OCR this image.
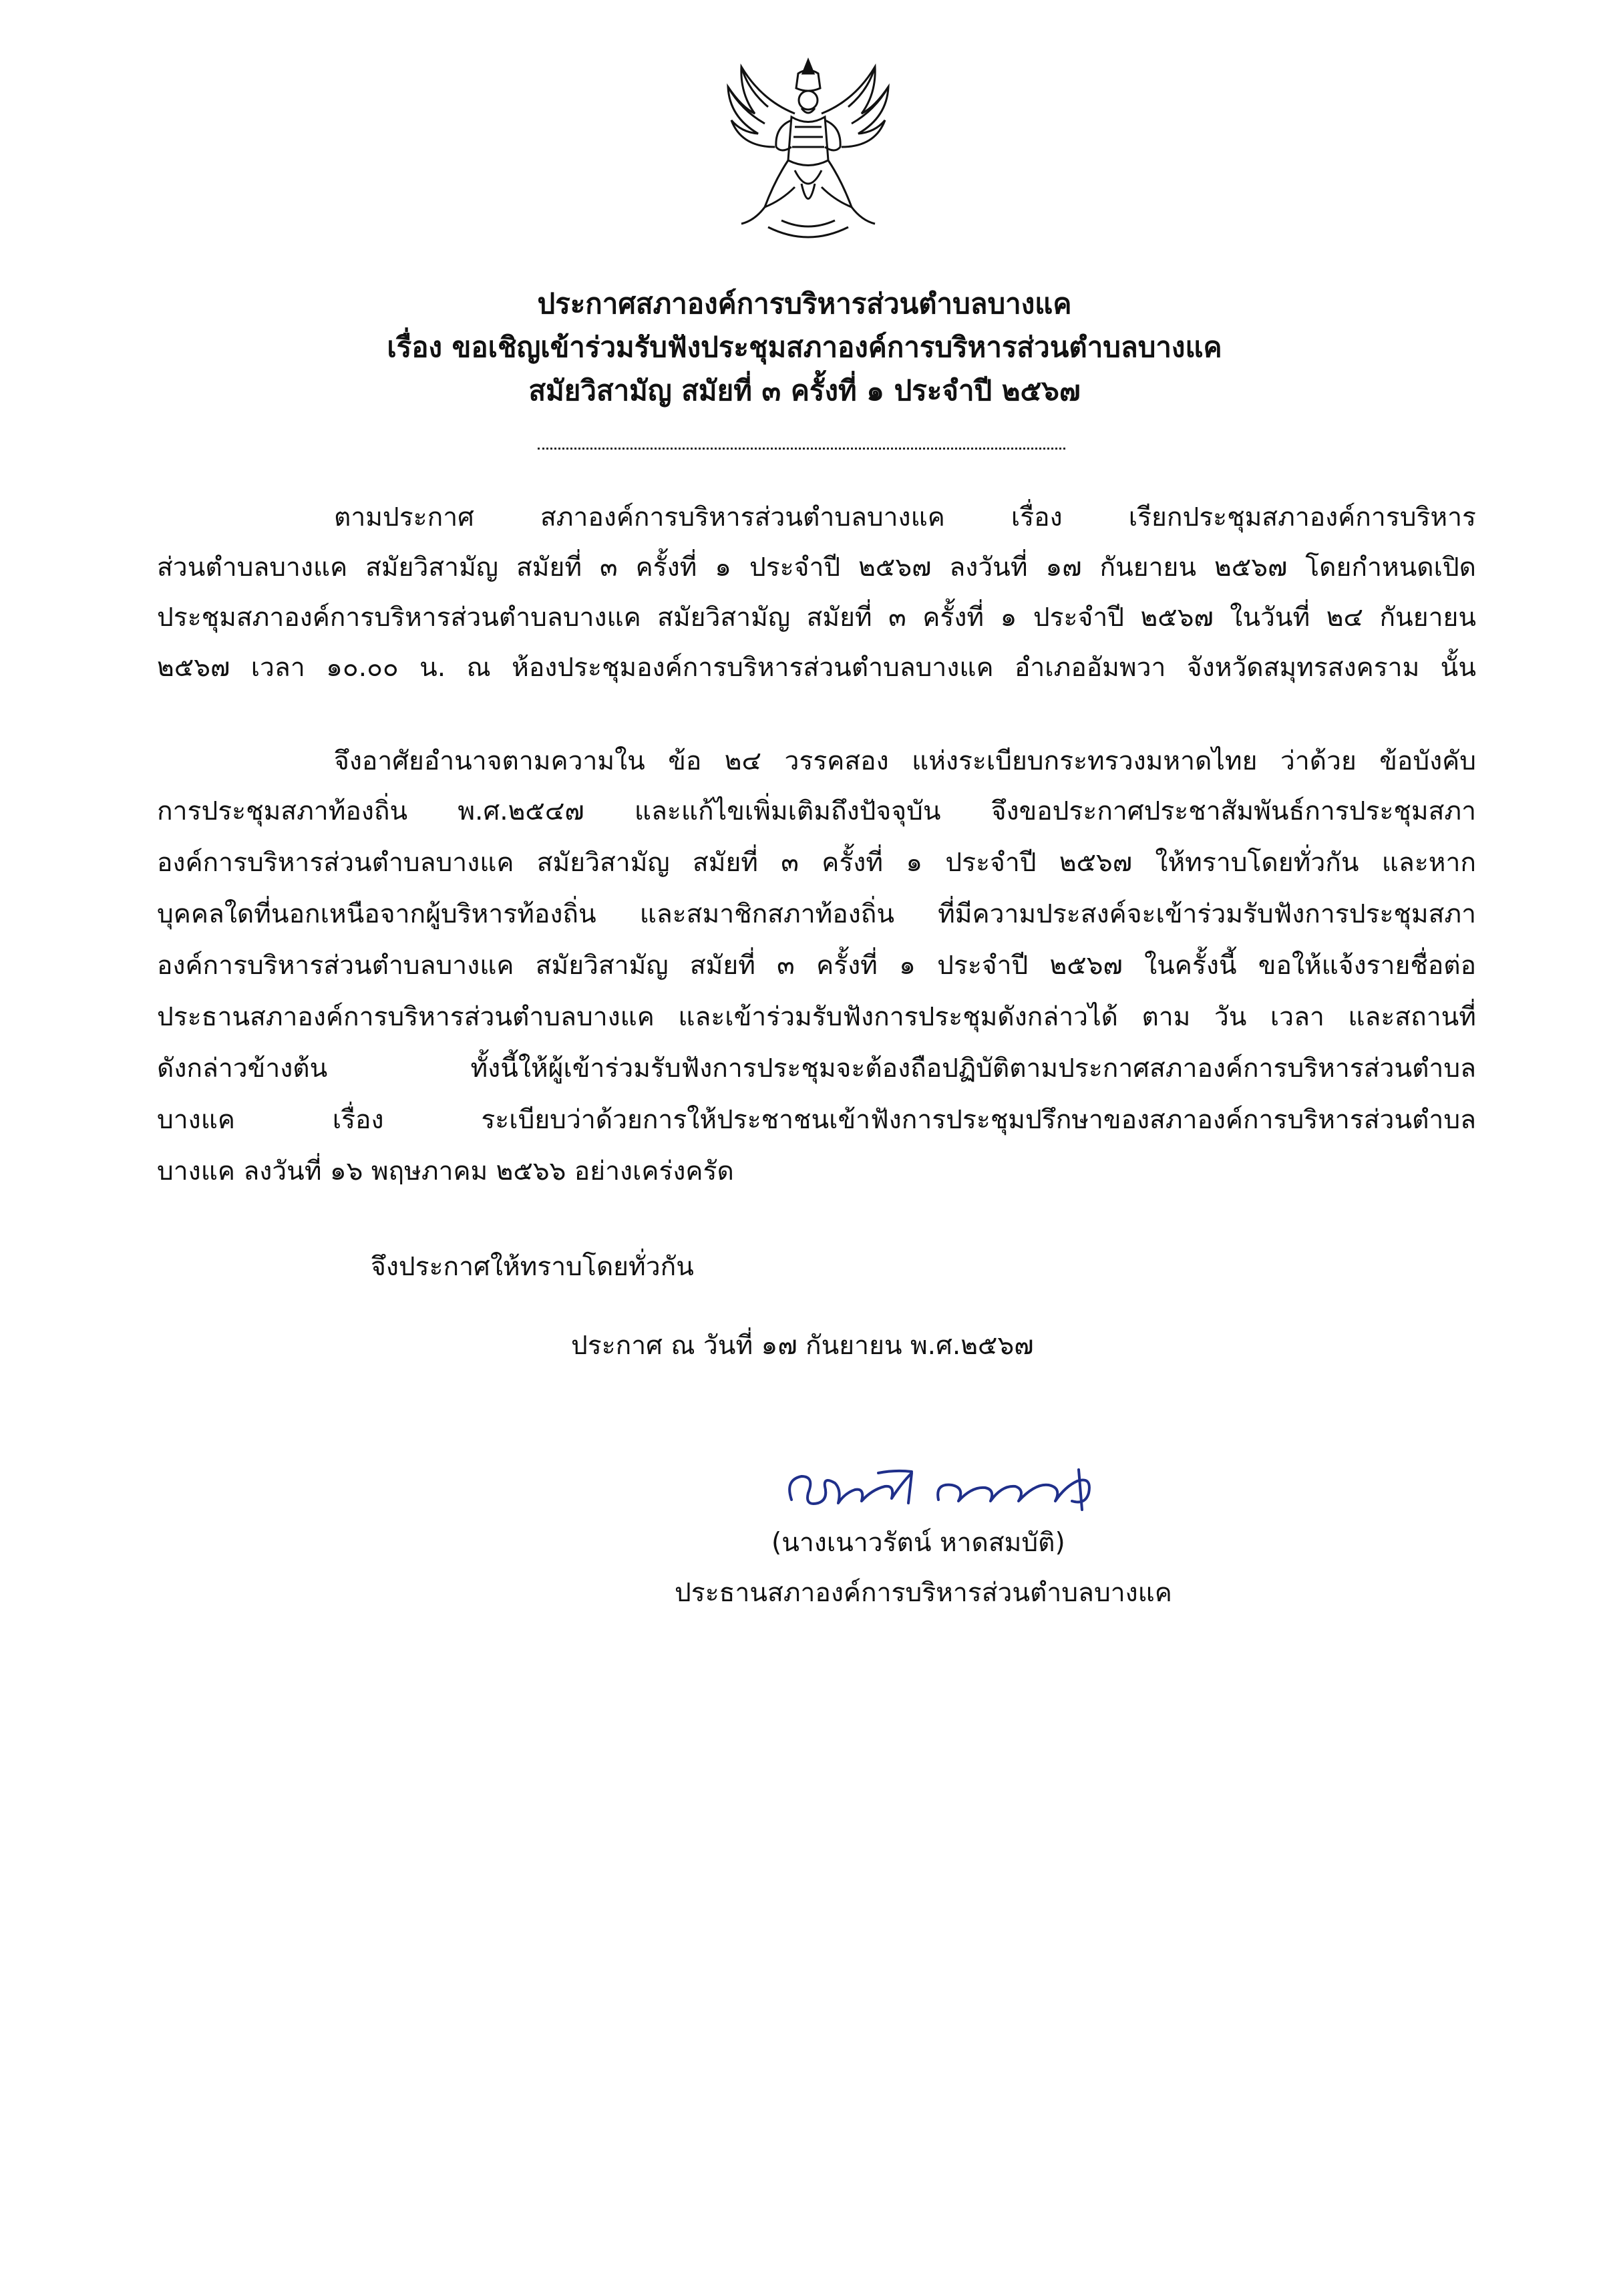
ประกาศสภาองค์การบริหารส่วนตำบลบางแค
เรื่อง ขอเชิญเข้าร่วมรับฟังประชุมสภาองค์การบริหารส่วนตำบลบางแค
สมัยวิสามัญ สมัยที่ ๓ ครั้งที่ ๑ ประจำปี ๒๕๖๗
ตามประกาศ สภาองค์การบริหารส่วนตำบลบางแค เรื่อง เรียกประชุมสภาองค์การบริหาร
ส่วนตำบลบางแค สมัยวิสามัญ สมัยที่ ๓ ครั้งที่ ๑ ประจำปี ๒๕๖๗ ลงวันที่ ๑๗ กันยายน ๒๕๖๗ โดยกำหนดเปิด
ประชุมสภาองค์การบริหารส่วนตำบลบางแค สมัยวิสามัญ สมัยที่ ๓ ครั้งที่ ๑ ประจำปี ๒๕๖๗ ในวันที่ ๒๔ กันยายน
๒๕๖๗ เวลา ๑๐.๐๐ น. ณ ห้องประชุมองค์การบริหารส่วนตำบลบางแค อำเภออัมพวา จังหวัดสมุทรสงคราม นั้น
จึงอาศัยอำนาจตามความใน ข้อ ๒๔ วรรคสอง แห่งระเบียบกระทรวงมหาดไทย ว่าด้วย ข้อบังคับ
การประชุมสภาท้องถิ่น พ.ศ.๒๕๔๗ และแก้ไขเพิ่มเติมถึงปัจจุบัน จึงขอประกาศประชาสัมพันธ์การประชุมสภา
องค์การบริหารส่วนตำบลบางแค สมัยวิสามัญ สมัยที่ ๓ ครั้งที่ ๑ ประจำปี ๒๕๖๗ ให้ทราบโดยทั่วกัน และหาก
บุคคลใดที่นอกเหนือจากผู้บริหารท้องถิ่น และสมาชิกสภาท้องถิ่น ที่มีความประสงค์จะเข้าร่วมรับฟังการประชุมสภา
องค์การบริหารส่วนตำบลบางแค สมัยวิสามัญ สมัยที่ ๓ ครั้งที่ ๑ ประจำปี ๒๕๖๗ ในครั้งนี้ ขอให้แจ้งรายชื่อต่อ
ประธานสภาองค์การบริหารส่วนตำบลบางแค และเข้าร่วมรับฟังการประชุมดังกล่าวได้ ตาม วัน เวลา และสถานที่
ดังกล่าวข้างต้น ทั้งนี้ให้ผู้เข้าร่วมรับฟังการประชุมจะต้องถือปฏิบัติตามประกาศสภาองค์การบริหารส่วนตำบล
บางแค เรื่อง ระเบียบว่าด้วยการให้ประชาชนเข้าฟังการประชุมปรึกษาของสภาองค์การบริหารส่วนตำบล
บางแค ลงวันที่ ๑๖ พฤษภาคม ๒๕๖๖ อย่างเคร่งครัด
จึงประกาศให้ทราบโดยทั่วกัน
ประกาศ ณ วันที่ ๑๗ กันยายน พ.ศ.๒๕๖๗
(นางเนาวรัตน์ หาดสมบัติ)
ประธานสภาองค์การบริหารส่วนตำบลบางแค
